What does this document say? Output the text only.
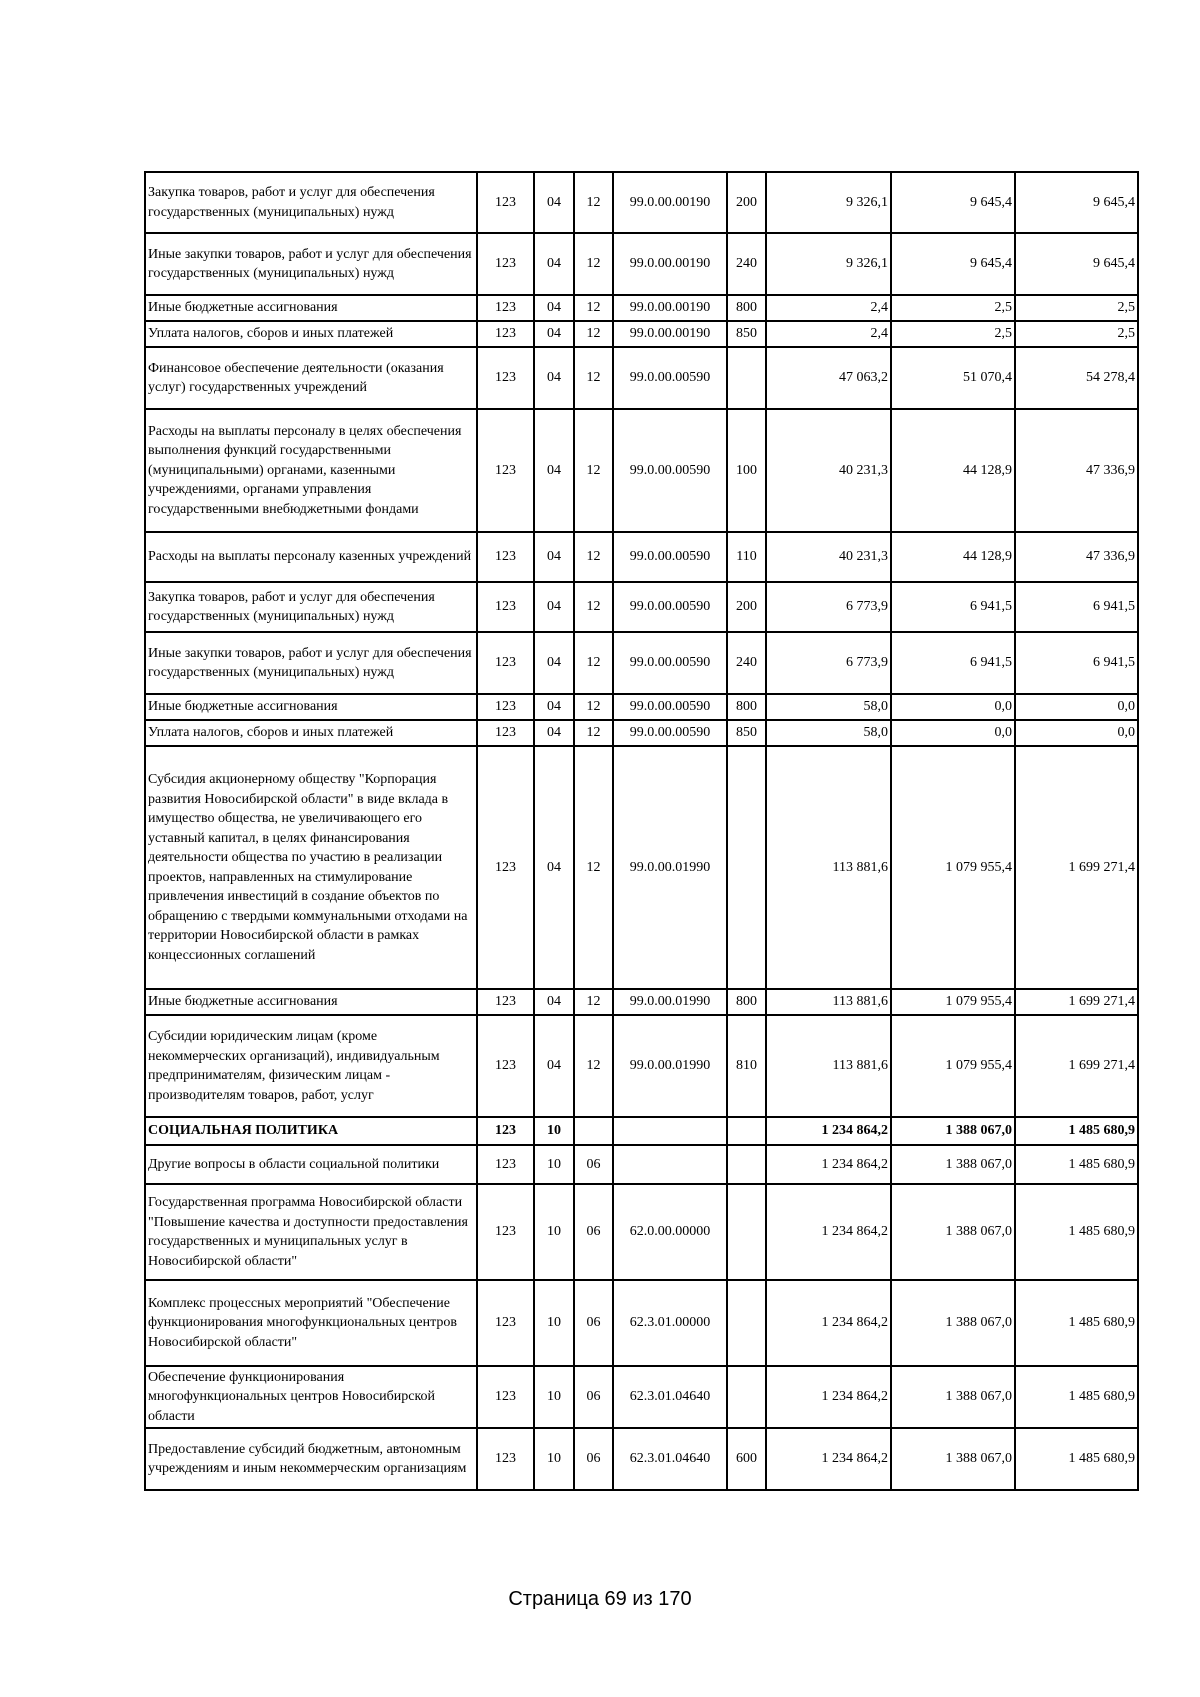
Закупка товаров, работ и услуг для обеспечения государственных (муниципальных) нужд	123	04	12	99.0.00.00190	200	9 326,1	9 645,4	9 645,4
Иные закупки товаров, работ и услуг для обеспечения государственных (муниципальных) нужд	123	04	12	99.0.00.00190	240	9 326,1	9 645,4	9 645,4
Иные бюджетные ассигнования	123	04	12	99.0.00.00190	800	2,4	2,5	2,5
Уплата налогов, сборов и иных платежей	123	04	12	99.0.00.00190	850	2,4	2,5	2,5
Финансовое обеспечение деятельности (оказания услуг) государственных учреждений	123	04	12	99.0.00.00590		47 063,2	51 070,4	54 278,4
Расходы на выплаты персоналу в целях обеспечения выполнения функций государственными (муниципальными) органами, казенными учреждениями, органами управления государственными внебюджетными фондами	123	04	12	99.0.00.00590	100	40 231,3	44 128,9	47 336,9
Расходы на выплаты персоналу казенных учреждений	123	04	12	99.0.00.00590	110	40 231,3	44 128,9	47 336,9
Закупка товаров, работ и услуг для обеспечения государственных (муниципальных) нужд	123	04	12	99.0.00.00590	200	6 773,9	6 941,5	6 941,5
Иные закупки товаров, работ и услуг для обеспечения государственных (муниципальных) нужд	123	04	12	99.0.00.00590	240	6 773,9	6 941,5	6 941,5
Иные бюджетные ассигнования	123	04	12	99.0.00.00590	800	58,0	0,0	0,0
Уплата налогов, сборов и иных платежей	123	04	12	99.0.00.00590	850	58,0	0,0	0,0
Субсидия акционерному обществу "Корпорация развития Новосибирской области" в виде вклада в имущество общества, не увеличивающего его уставный капитал, в целях финансирования деятельности общества по участию в реализации проектов, направленных на стимулирование привлечения инвестиций в создание объектов по обращению с твердыми коммунальными отходами на территории Новосибирской области в рамках концессионных соглашений	123	04	12	99.0.00.01990		113 881,6	1 079 955,4	1 699 271,4
Иные бюджетные ассигнования	123	04	12	99.0.00.01990	800	113 881,6	1 079 955,4	1 699 271,4
Субсидии юридическим лицам (кроме некоммерческих организаций), индивидуальным предпринимателям, физическим лицам - производителям товаров, работ, услуг	123	04	12	99.0.00.01990	810	113 881,6	1 079 955,4	1 699 271,4
СОЦИАЛЬНАЯ ПОЛИТИКА	123	10				1 234 864,2	1 388 067,0	1 485 680,9
Другие вопросы в области социальной политики	123	10	06			1 234 864,2	1 388 067,0	1 485 680,9
Государственная программа Новосибирской области "Повышение качества и доступности предоставления государственных и муниципальных услуг в Новосибирской области"	123	10	06	62.0.00.00000		1 234 864,2	1 388 067,0	1 485 680,9
Комплекс процессных мероприятий "Обеспечение функционирования многофункциональных центров Новосибирской области"	123	10	06	62.3.01.00000		1 234 864,2	1 388 067,0	1 485 680,9
Обеспечение функционирования многофункциональных центров Новосибирской области	123	10	06	62.3.01.04640		1 234 864,2	1 388 067,0	1 485 680,9
Предоставление субсидий бюджетным, автономным учреждениям и иным некоммерческим организациям	123	10	06	62.3.01.04640	600	1 234 864,2	1 388 067,0	1 485 680,9
Страница 69 из 170
